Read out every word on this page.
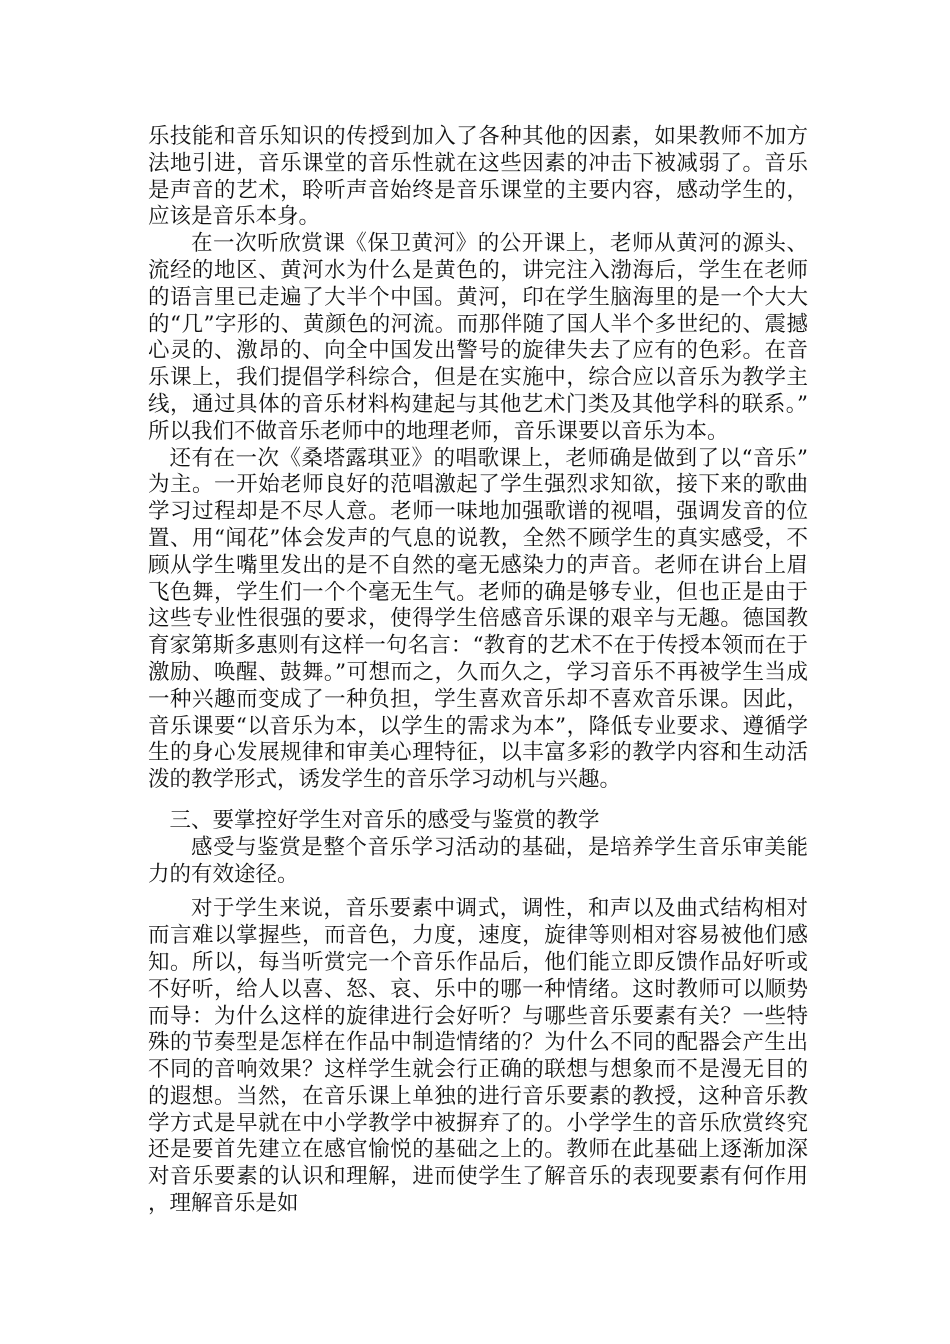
乐技能和音乐知识的传授到加入了各种其他的因素，如果教师不加方法地引进，音乐课堂的音乐性就在这些因素的冲击下被减弱了。音乐是声音的艺术，聆听声音始终是音乐课堂的主要内容，感动学生的，应该是音乐本身。

在一次听欣赏课《保卫黄河》的公开课上，老师从黄河的源头、流经的地区、黄河水为什么是黄色的，讲完注入渤海后，学生在老师的语言里已走遍了大半个中国。黄河，印在学生脑海里的是一个大大的“几”字形的、黄颜色的河流。而那伴随了国人半个多世纪的、震撼心灵的、激昂的、向全中国发出警号的旋律失去了应有的色彩。在音乐课上，我们提倡学科综合，但是在实施中，综合应以音乐为教学主线，通过具体的音乐材料构建起与其他艺术门类及其他学科的联系。”所以我们不做音乐老师中的地理老师，音乐课要以音乐为本。

还有在一次《桑塔露琪亚》的唱歌课上，老师确是做到了以“音乐”为主。一开始老师良好的范唱激起了学生强烈求知欲，接下来的歌曲学习过程却是不尽人意。老师一味地加强歌谱的视唱，强调发音的位置、用“闻花”体会发声的气息的说教，全然不顾学生的真实感受，不顾从学生嘴里发出的是不自然的毫无感染力的声音。老师在讲台上眉飞色舞，学生们一个个毫无生气。老师的确是够专业，但也正是由于这些专业性很强的要求，使得学生倍感音乐课的艰辛与无趣。德国教育家第斯多惠则有这样一句名言：“教育的艺术不在于传授本领而在于激励、唤醒、鼓舞。”可想而之，久而久之，学习音乐不再被学生当成一种兴趣而变成了一种负担，学生喜欢音乐却不喜欢音乐课。因此，音乐课要“以音乐为本，以学生的需求为本”，降低专业要求、遵循学生的身心发展规律和审美心理特征，以丰富多彩的教学内容和生动活泼的教学形式，诱发学生的音乐学习动机与兴趣。

三、要掌控好学生对音乐的感受与鉴赏的教学

感受与鉴赏是整个音乐学习活动的基础，是培养学生音乐审美能力的有效途径。

对于学生来说，音乐要素中调式，调性，和声以及曲式结构相对而言难以掌握些，而音色，力度，速度，旋律等则相对容易被他们感知。所以，每当听赏完一个音乐作品后，他们能立即反馈作品好听或不好听，给人以喜、怒、哀、乐中的哪一种情绪。这时教师可以顺势而导：为什么这样的旋律进行会好听？与哪些音乐要素有关？一些特殊的节奏型是怎样在作品中制造情绪的？为什么不同的配器会产生出不同的音响效果？这样学生就会行正确的联想与想象而不是漫无目的的遐想。当然，在音乐课上单独的进行音乐要素的教授，这种音乐教学方式是早就在中小学教学中被摒弃了的。小学学生的音乐欣赏终究还是要首先建立在感官愉悦的基础之上的。教师在此基础上逐渐加深对音乐要素的认识和理解，进而使学生了解音乐的表现要素有何作用，理解音乐是如
